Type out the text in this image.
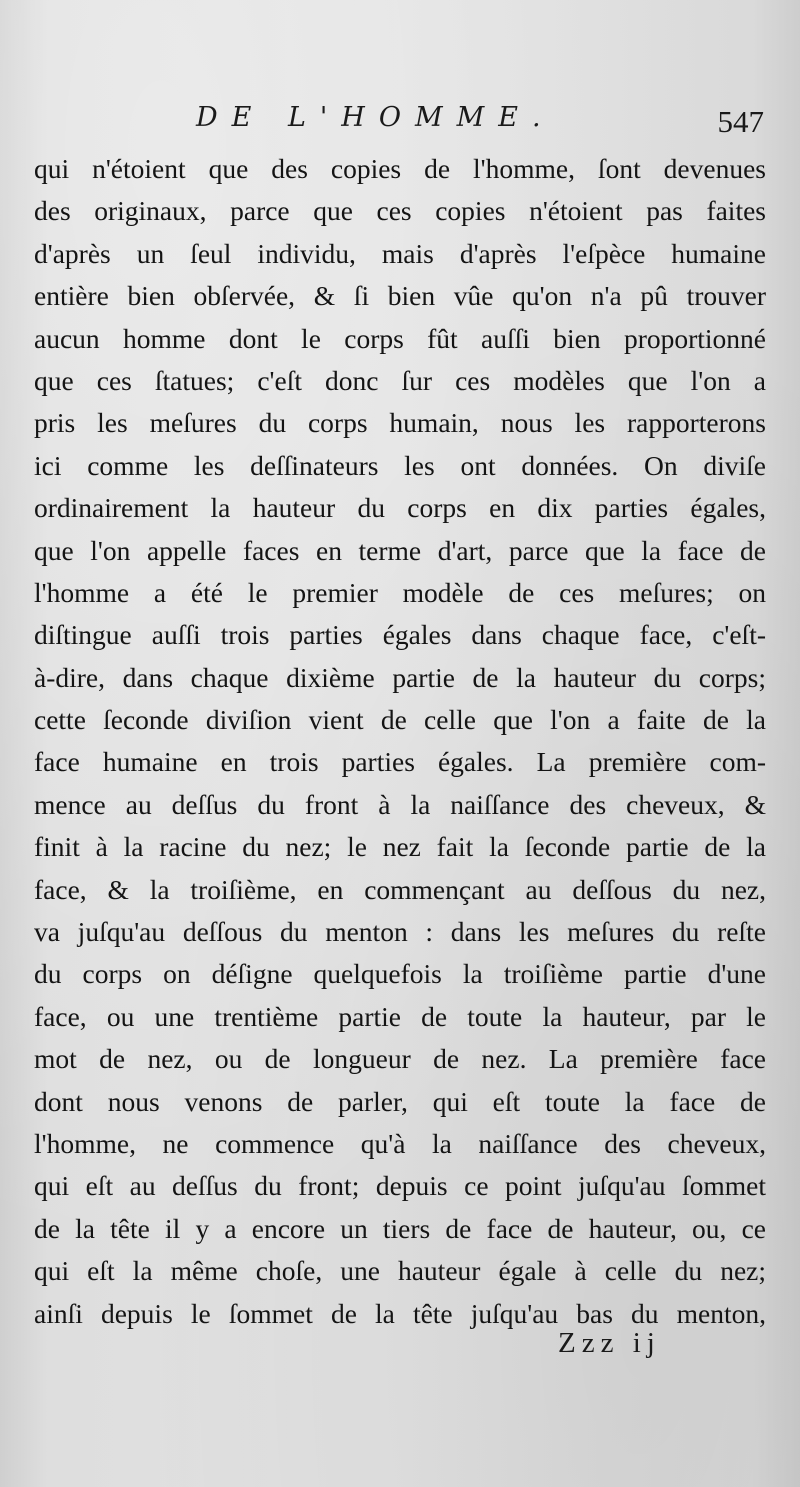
DE L'HOMME.	547
qui n'étoient que des copies de l'homme, ſont devenues
des originaux, parce que ces copies n'étoient pas faites
d'après un ſeul individu, mais d'après l'eſpèce humaine
entière bien obſervée, & ſi bien vûe qu'on n'a pû trouver
aucun homme dont le corps fût auſſi bien proportionné
que ces ſtatues; c'eſt donc ſur ces modèles que l'on a
pris les meſures du corps humain, nous les rapporterons
ici comme les deſſinateurs les ont données. On diviſe
ordinairement la hauteur du corps en dix parties égales,
que l'on appelle faces en terme d'art, parce que la face de
l'homme a été le premier modèle de ces meſures; on
diſtingue auſſi trois parties égales dans chaque face, c'eſt-
à-dire, dans chaque dixième partie de la hauteur du corps;
cette ſeconde diviſion vient de celle que l'on a faite de la
face humaine en trois parties égales. La première com-
mence au deſſus du front à la naiſſance des cheveux, &
finit à la racine du nez; le nez fait la ſeconde partie de la
face, & la troiſième, en commençant au deſſous du nez,
va juſqu'au deſſous du menton : dans les meſures du reſte
du corps on déſigne quelquefois la troiſième partie d'une
face, ou une trentième partie de toute la hauteur, par le
mot de nez, ou de longueur de nez. La première face
dont nous venons de parler, qui eſt toute la face de
l'homme, ne commence qu'à la naiſſance des cheveux,
qui eſt au deſſus du front; depuis ce point juſqu'au ſommet
de la tête il y a encore un tiers de face de hauteur, ou, ce
qui eſt la même choſe, une hauteur égale à celle du nez;
ainſi depuis le ſommet de la tête juſqu'au bas du menton,
Zzz ij
